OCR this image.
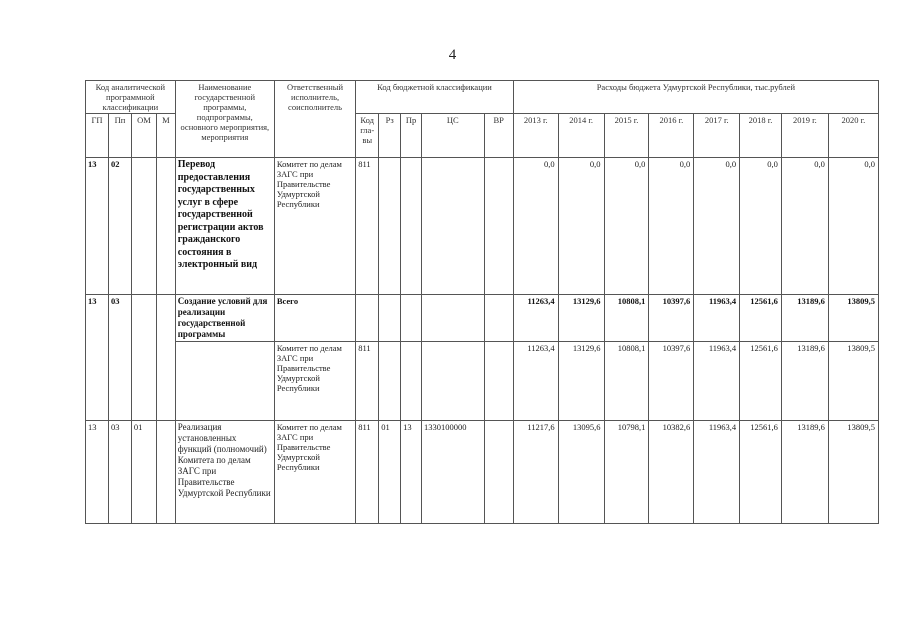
4
Код аналитической программной классификации				Наименование государственной программы, подпрограммы, основного мероприятия, мероприятия	Ответственный исполнитель, соисполнитель	Код бюджетной классификации					Расходы бюджета Удмуртской Республики, тыс.рублей							
ГП	Пп	ОМ	М			Код гла-вы	Рз	Пр	ЦС	ВР	2013 г.	2014 г.	2015 г.	2016 г.	2017 г.	2018 г.	2019 г.	2020 г.
13	02			Перевод предоставления государственных услуг в сфере государственной регистрации актов гражданского состояния в электронный вид	Комитет по делам ЗАГС при Правительстве Удмуртской Республики	811					0,0	0,0	0,0	0,0	0,0	0,0	0,0	0,0
13	03			Создание условий для реализации государственной программы	Всего						11263,4	13129,6	10808,1	10397,6	11963,4	12561,6	13189,6	13809,5
					Комитет по делам ЗАГС при Правительстве Удмуртской Республики	811					11263,4	13129,6	10808,1	10397,6	11963,4	12561,6	13189,6	13809,5
13	03	01		Реализация установленных функций (полномочий) Комитета по делам ЗАГС при Правительстве Удмуртской Республики	Комитет по делам ЗАГС при Правительстве Удмуртской Республики	811	01	13	1330100000		11217,6	13095,6	10798,1	10382,6	11963,4	12561,6	13189,6	13809,5
